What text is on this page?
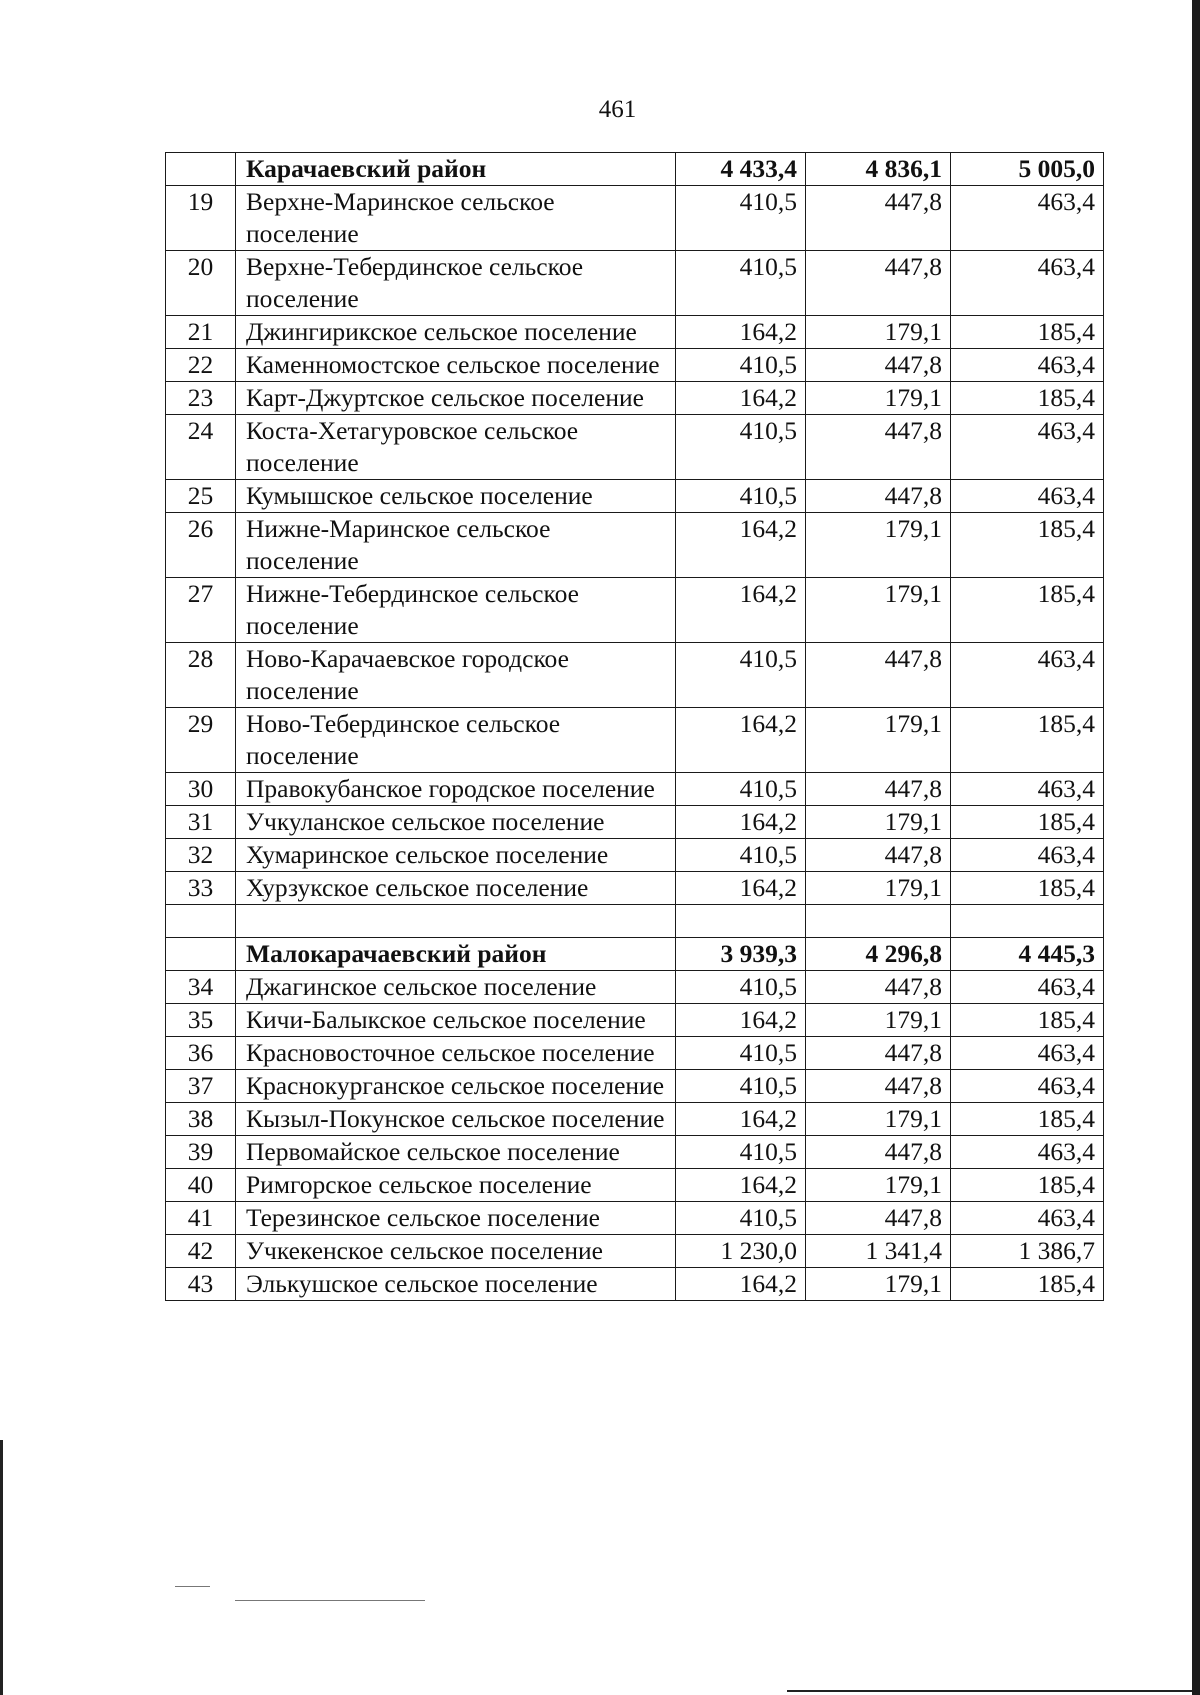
461
	Карачаевский район	4 433,4	4 836,1	5 005,0
19	Верхне-Маринское сельское поселение	410,5	447,8	463,4
20	Верхне-Тебердинское сельское поселение	410,5	447,8	463,4
21	Джингирикское сельское поселение	164,2	179,1	185,4
22	Каменномостское сельское поселение	410,5	447,8	463,4
23	Карт-Джуртское сельское поселение	164,2	179,1	185,4
24	Коста-Хетагуровское сельское поселение	410,5	447,8	463,4
25	Кумышское сельское поселение	410,5	447,8	463,4
26	Нижне-Маринское сельское поселение	164,2	179,1	185,4
27	Нижне-Тебердинское сельское поселение	164,2	179,1	185,4
28	Ново-Карачаевское городское поселение	410,5	447,8	463,4
29	Ново-Тебердинское сельское поселение	164,2	179,1	185,4
30	Правокубанское городское поселение	410,5	447,8	463,4
31	Учкуланское сельское поселение	164,2	179,1	185,4
32	Хумаринское сельское поселение	410,5	447,8	463,4
33	Хурзукское сельское поселение	164,2	179,1	185,4

	Малокарачаевский район	3 939,3	4 296,8	4 445,3
34	Джагинское сельское поселение	410,5	447,8	463,4
35	Кичи-Балыкское сельское поселение	164,2	179,1	185,4
36	Красновосточное сельское поселение	410,5	447,8	463,4
37	Краснокурганское сельское поселение	410,5	447,8	463,4
38	Кызыл-Покунское сельское поселение	164,2	179,1	185,4
39	Первомайское сельское поселение	410,5	447,8	463,4
40	Римгорское сельское поселение	164,2	179,1	185,4
41	Терезинское сельское поселение	410,5	447,8	463,4
42	Учкекенское сельское поселение	1 230,0	1 341,4	1 386,7
43	Элькушское сельское поселение	164,2	179,1	185,4
